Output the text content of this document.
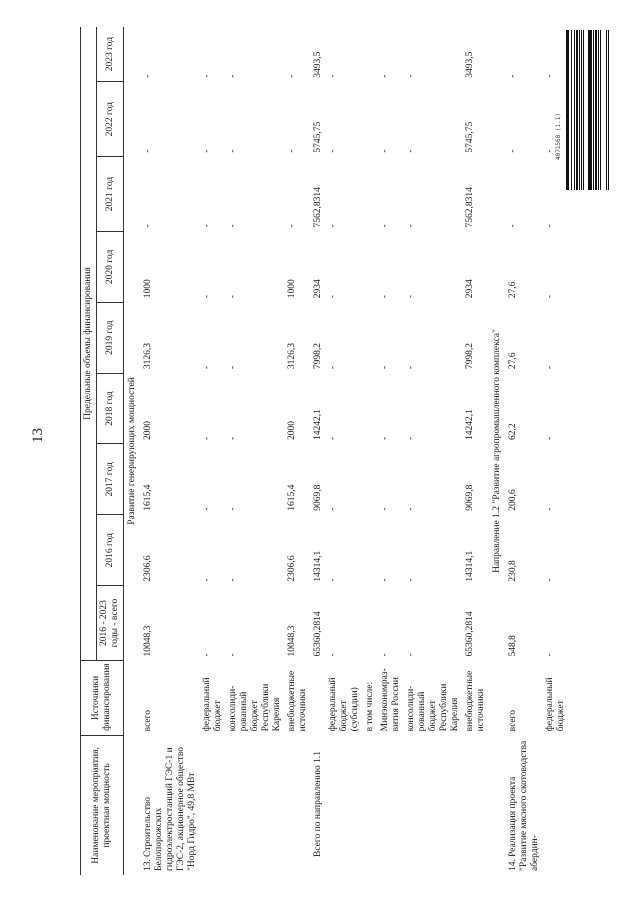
13
Наименование мероприятия, проектная мощность	Источники финансирования	Предельные объемы финансирования								
		2016 - 2023 годы - всего	2016 год	2017 год	2018 год	2019 год	2020 год	2021 год	2022 год	2023 год
Развитие генерирующих мощностей										
13.Строительство Белопорожских гидроэлектростанций ГЭС-1 и ГЭС-2, акционерное общество "Норд Гидро", 49,8 МВт	всего	10048,3	2306,6	1615,4	2000	3126,3	1000	-	-	-
	федеральный бюджет	-	-	-	-	-	-	-	-	-
	консолиди-рованный бюджет Республики Карелия	-	-	-	-	-	-	-	-	-
	внебюджетные источники	10048,3	2306,6	1615,4	2000	3126,3	1000	-	-	-
Всего по направлению 1.1		65360,2814	14314,1	9069,8	14242,1	7998,2	2934	7562,8314	5745,75	3493,5
	федеральный бюджет (субсидии)	-	-	-	-	-	-	-	-	-
	в том числе:									
	Минэкономраз-вития России	-	-	-	-	-	-	-	-	-
	консолиди-рованный бюджет Республики Карелия	-	-	-	-	-	-	-	-	-
	внебюджетные источники	65360,2814	14314,1	9069,8	14242,1	7998,2	2934	7562,8314	5745,75	3493,5
Направление 1.2 "Развитие агропромышленного комплекса"										
14.Реализация проекта "Развитие мясного скотоводства абердин-	всего	548,8	230,8	200,6	62,2	27,6	27,6	-	-	-
	федеральный бюджет	-	-	-	-	-	-	-	-	-
4071568 (1.1)
